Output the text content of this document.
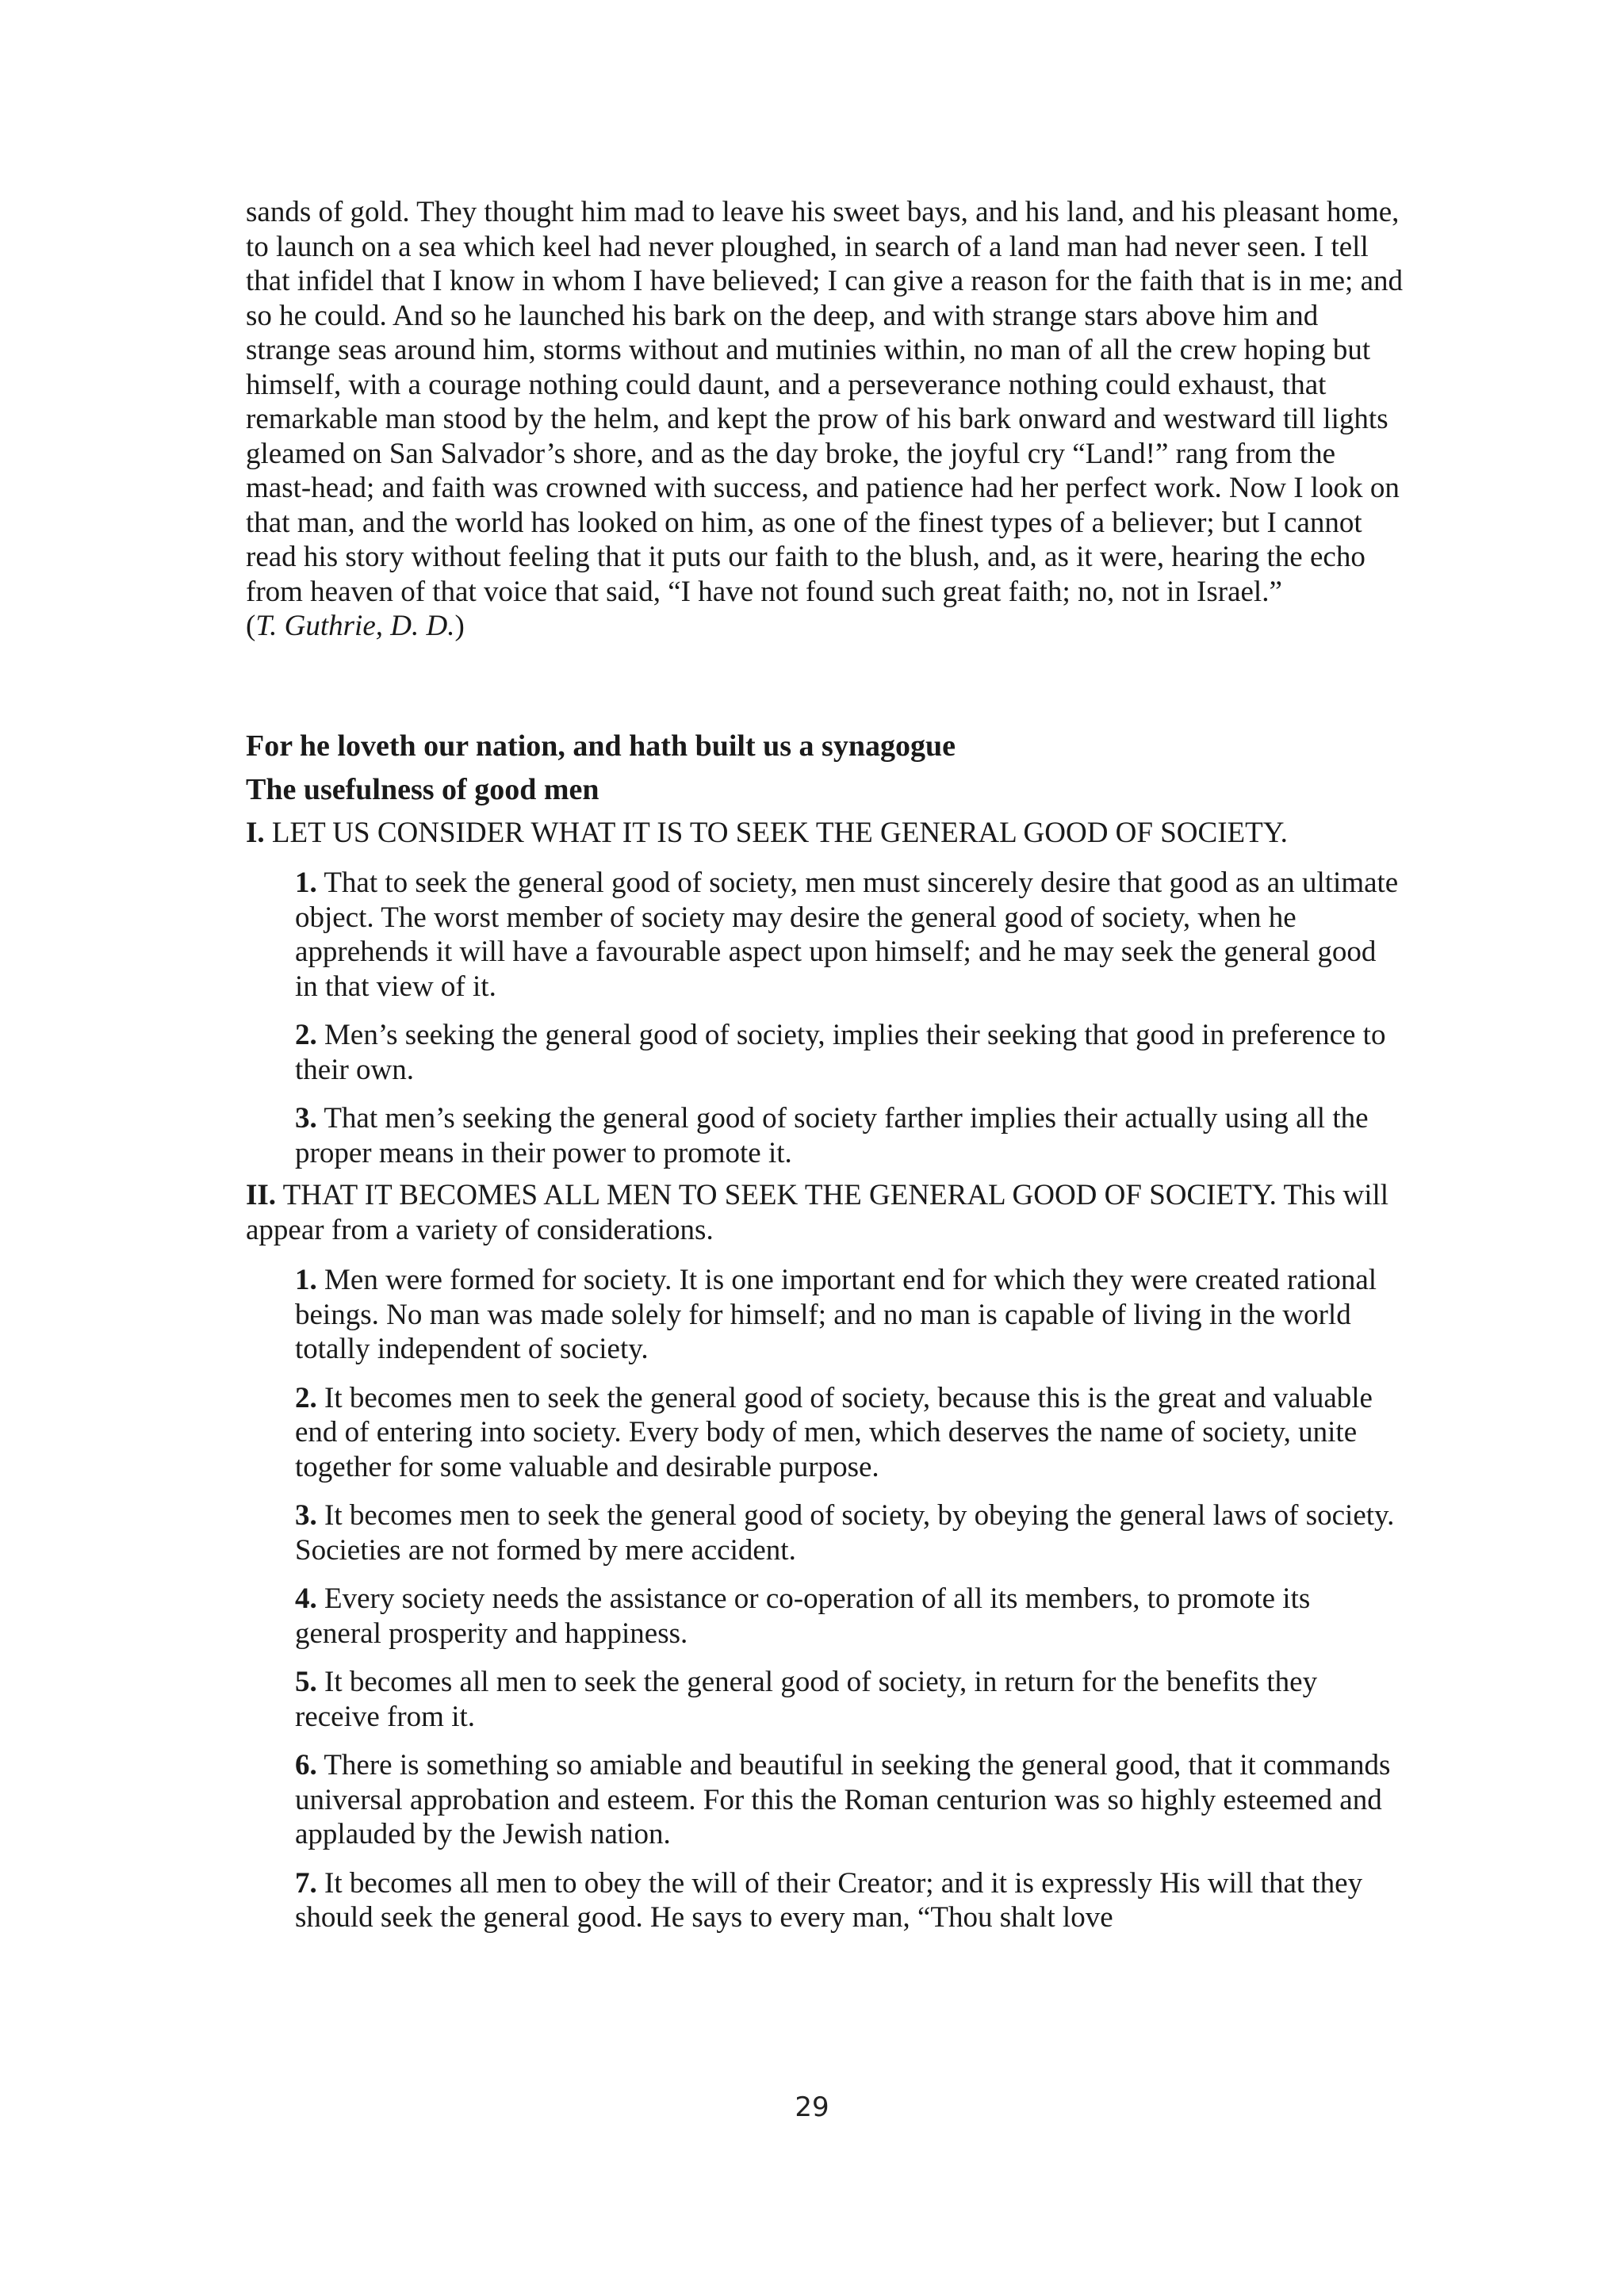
sands of gold. They thought him mad to leave his sweet bays, and his land, and his pleasant home, to launch on a sea which keel had never ploughed, in search of a land man had never seen. I tell that infidel that I know in whom I have believed; I can give a reason for the faith that is in me; and so he could. And so he launched his bark on the deep, and with strange stars above him and strange seas around him, storms without and mutinies within, no man of all the crew hoping but himself, with a courage nothing could daunt, and a perseverance nothing could exhaust, that remarkable man stood by the helm, and kept the prow of his bark onward and westward till lights gleamed on San Salvador’s shore, and as the day broke, the joyful cry “Land!” rang from the mast-head; and faith was crowned with success, and patience had her perfect work. Now I look on that man, and the world has looked on him, as one of the finest types of a believer; but I cannot read his story without feeling that it puts our faith to the blush, and, as it were, hearing the echo from heaven of that voice that said, “I have not found such great faith; no, not in Israel.”
(T. Guthrie, D. D.)

For he loveth our nation, and hath built us a synagogue
The usefulness of good men

I. LET US CONSIDER WHAT IT IS TO SEEK THE GENERAL GOOD OF SOCIETY.

1. That to seek the general good of society, men must sincerely desire that good as an ultimate object. The worst member of society may desire the general good of society, when he apprehends it will have a favourable aspect upon himself; and he may seek the general good in that view of it.

2. Men’s seeking the general good of society, implies their seeking that good in preference to their own.

3. That men’s seeking the general good of society farther implies their actually using all the proper means in their power to promote it.

II. THAT IT BECOMES ALL MEN TO SEEK THE GENERAL GOOD OF SOCIETY. This will appear from a variety of considerations.

1. Men were formed for society. It is one important end for which they were created rational beings. No man was made solely for himself; and no man is capable of living in the world totally independent of society.

2. It becomes men to seek the general good of society, because this is the great and valuable end of entering into society. Every body of men, which deserves the name of society, unite together for some valuable and desirable purpose.

3. It becomes men to seek the general good of society, by obeying the general laws of society. Societies are not formed by mere accident.

4. Every society needs the assistance or co-operation of all its members, to promote its general prosperity and happiness.

5. It becomes all men to seek the general good of society, in return for the benefits they receive from it.

6. There is something so amiable and beautiful in seeking the general good, that it commands universal approbation and esteem. For this the Roman centurion was so highly esteemed and applauded by the Jewish nation.

7. It becomes all men to obey the will of their Creator; and it is expressly His will that they should seek the general good. He says to every man, “Thou shalt love

29
